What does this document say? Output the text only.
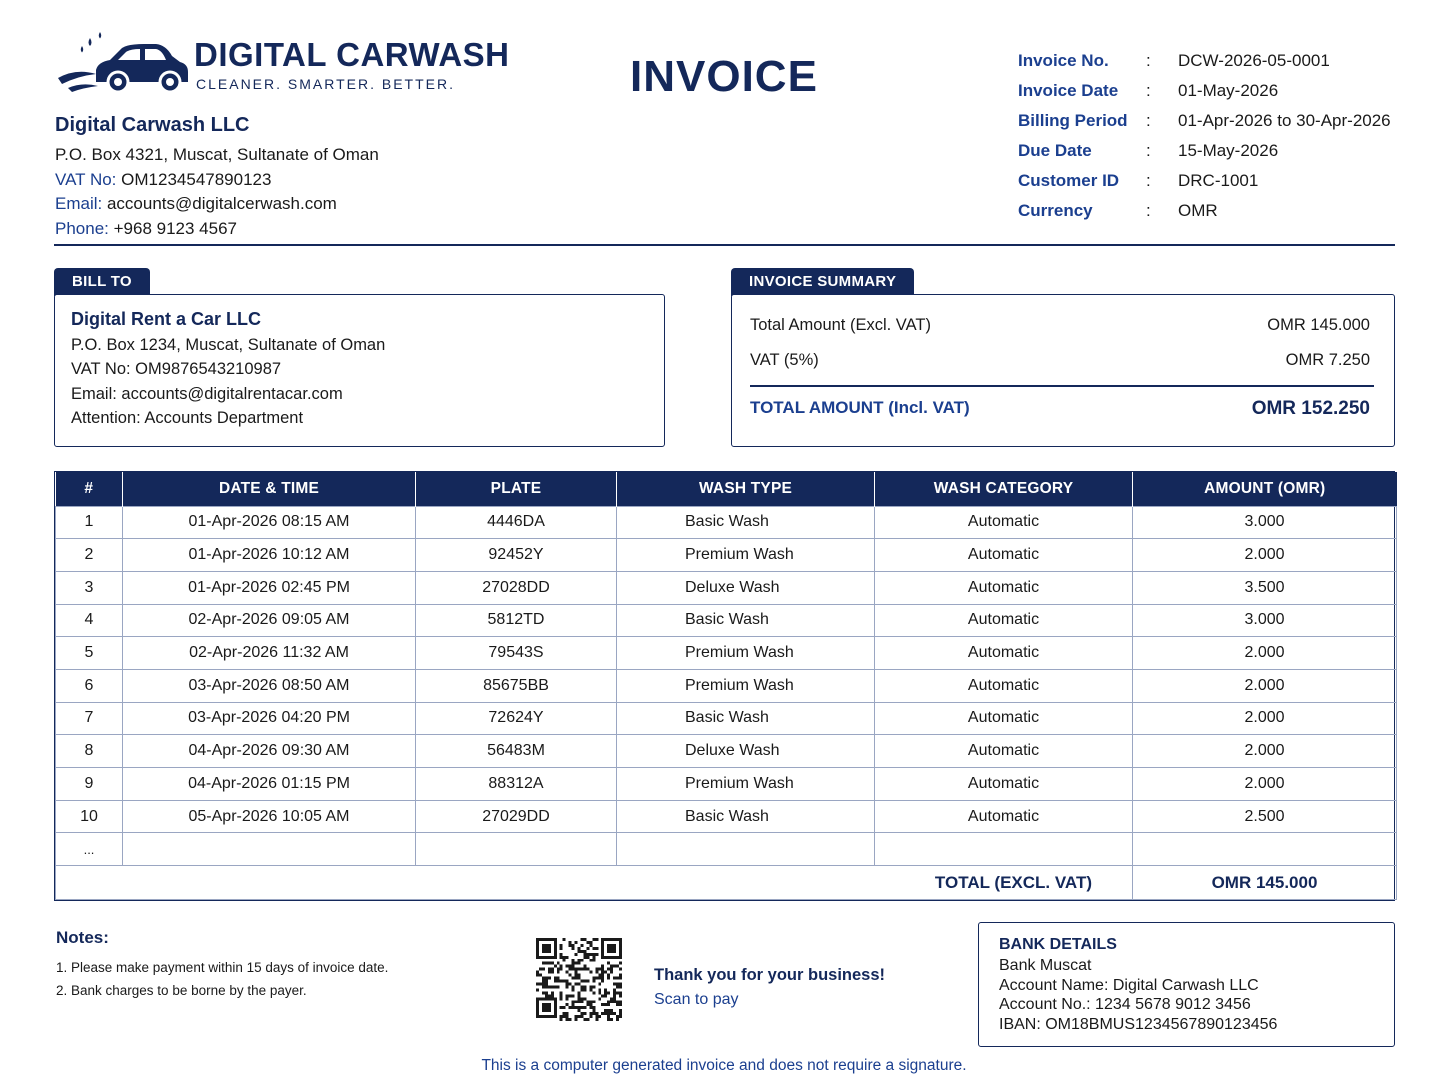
DIGITAL CARWASH
CLEANER. SMARTER. BETTER.
Digital Carwash LLC
P.O. Box 4321, Muscat, Sultanate of Oman
VAT No: OM1234547890123
Email: accounts@digitalcerwash.com
Phone: +968 9123 4567
INVOICE	Invoice No.	:	DCW-2026-05-0001
Invoice Date	:	01-May-2026
Billing Period	:	01-Apr-2026 to 30-Apr-2026
Due Date	:	15-May-2026
Customer ID	:	DRC-1001
Currency	:	OMR
BILL TO
Digital Rent a Car LLC
P.O. Box 1234, Muscat, Sultanate of Oman
VAT No: OM9876543210987
Email: accounts@digitalrentacar.com
Attention: Accounts Department
INVOICE SUMMARY
Total Amount (Excl. VAT)	OMR 145.000
VAT (5%)	OMR 7.250
TOTAL AMOUNT (Incl. VAT)	OMR 152.250
#	DATE & TIME	PLATE	WASH TYPE	WASH CATEGORY	AMOUNT (OMR)
1	01-Apr-2026 08:15 AM	4446DA	Basic Wash	Automatic	3.000
2	01-Apr-2026 10:12 AM	92452Y	Premium Wash	Automatic	2.000
3	01-Apr-2026 02:45 PM	27028DD	Deluxe Wash	Automatic	3.500
4	02-Apr-2026 09:05 AM	5812TD	Basic Wash	Automatic	3.000
5	02-Apr-2026 11:32 AM	79543S	Premium Wash	Automatic	2.000
6	03-Apr-2026 08:50 AM	85675BB	Premium Wash	Automatic	2.000
7	03-Apr-2026 04:20 PM	72624Y	Basic Wash	Automatic	2.000
8	04-Apr-2026 09:30 AM	56483M	Deluxe Wash	Automatic	2.000
9	04-Apr-2026 01:15 PM	88312A	Premium Wash	Automatic	2.000
10	05-Apr-2026 10:05 AM	27029DD	Basic Wash	Automatic	2.500
...					
TOTAL (EXCL. VAT)					OMR 145.000
Notes:
1. Please make payment within 15 days of invoice date.
2. Bank charges to be borne by the payer.
Thank you for your business!
Scan to pay
BANK DETAILS
Bank Muscat
Account Name: Digital Carwash LLC
Account No.: 1234 5678 9012 3456
IBAN: OM18BMUS1234567890123456
This is a computer generated invoice and does not require a signature.
